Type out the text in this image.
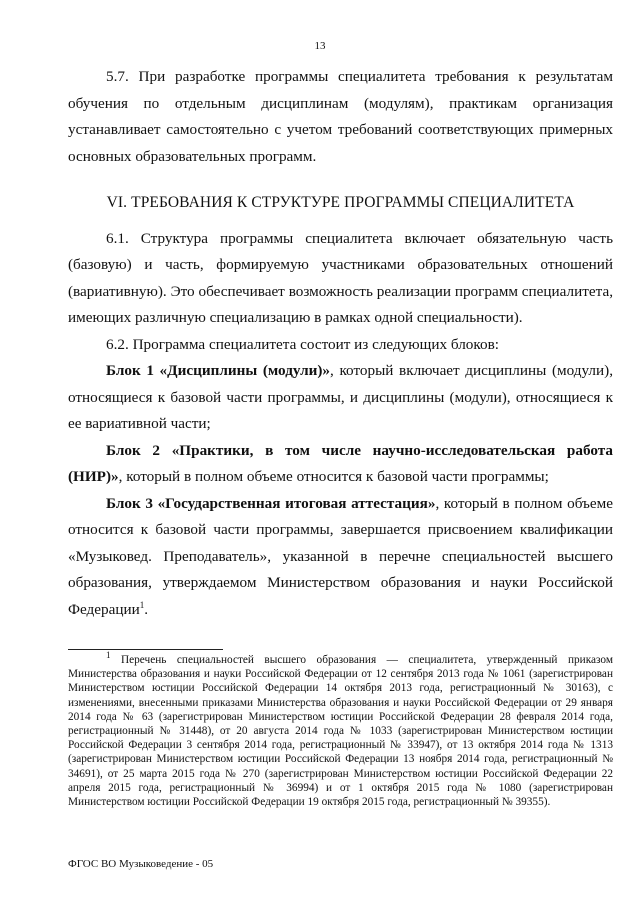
13

5.7. При разработке программы специалитета требования к результатам обучения по отдельным дисциплинам (модулям), практикам организация устанавливает самостоятельно с учетом требований соответствующих примерных основных образовательных программ.

VI. ТРЕБОВАНИЯ К СТРУКТУРЕ ПРОГРАММЫ СПЕЦИАЛИТЕТА

6.1. Структура программы специалитета включает обязательную часть (базовую) и часть, формируемую участниками образовательных отношений (вариативную). Это обеспечивает возможность реализации программ специалитета, имеющих различную специализацию в рамках одной специальности).

6.2. Программа специалитета состоит из следующих блоков:

Блок 1 «Дисциплины (модули)», который включает дисциплины (модули), относящиеся к базовой части программы, и дисциплины (модули), относящиеся к ее вариативной части;

Блок 2 «Практики, в том числе научно-исследовательская работа (НИР)», который в полном объеме относится к базовой части программы;

Блок 3 «Государственная итоговая аттестация», который в полном объеме относится к базовой части программы, завершается присвоением квалификации «Музыковед. Преподаватель», указанной в перечне специальностей высшего образования, утверждаемом Министерством образования и науки Российской Федерации$^1$.

$^1$ Перечень специальностей высшего образования — специалитета, утвержденный приказом Министерства образования и науки Российской Федерации от 12 сентября 2013 года № 1061 (зарегистрирован Министерством юстиции Российской Федерации 14 октября 2013 года, регистрационный № 30163), с изменениями, внесенными приказами Министерства образования и науки Российской Федерации от 29 января 2014 года № 63 (зарегистрирован Министерством юстиции Российской Федерации 28 февраля 2014 года, регистрационный № 31448), от 20 августа 2014 года № 1033 (зарегистрирован Министерством юстиции Российской Федерации 3 сентября 2014 года, регистрационный № 33947), от 13 октября 2014 года № 1313 (зарегистрирован Министерством юстиции Российской Федерации 13 ноября 2014 года, регистрационный № 34691), от 25 марта 2015 года № 270 (зарегистрирован Министерством юстиции Российской Федерации 22 апреля 2015 года, регистрационный № 36994) и от 1 октября 2015 года № 1080 (зарегистрирован Министерством юстиции Российской Федерации 19 октября 2015 года, регистрационный № 39355).

ФГОС ВО Музыковедение - 05
